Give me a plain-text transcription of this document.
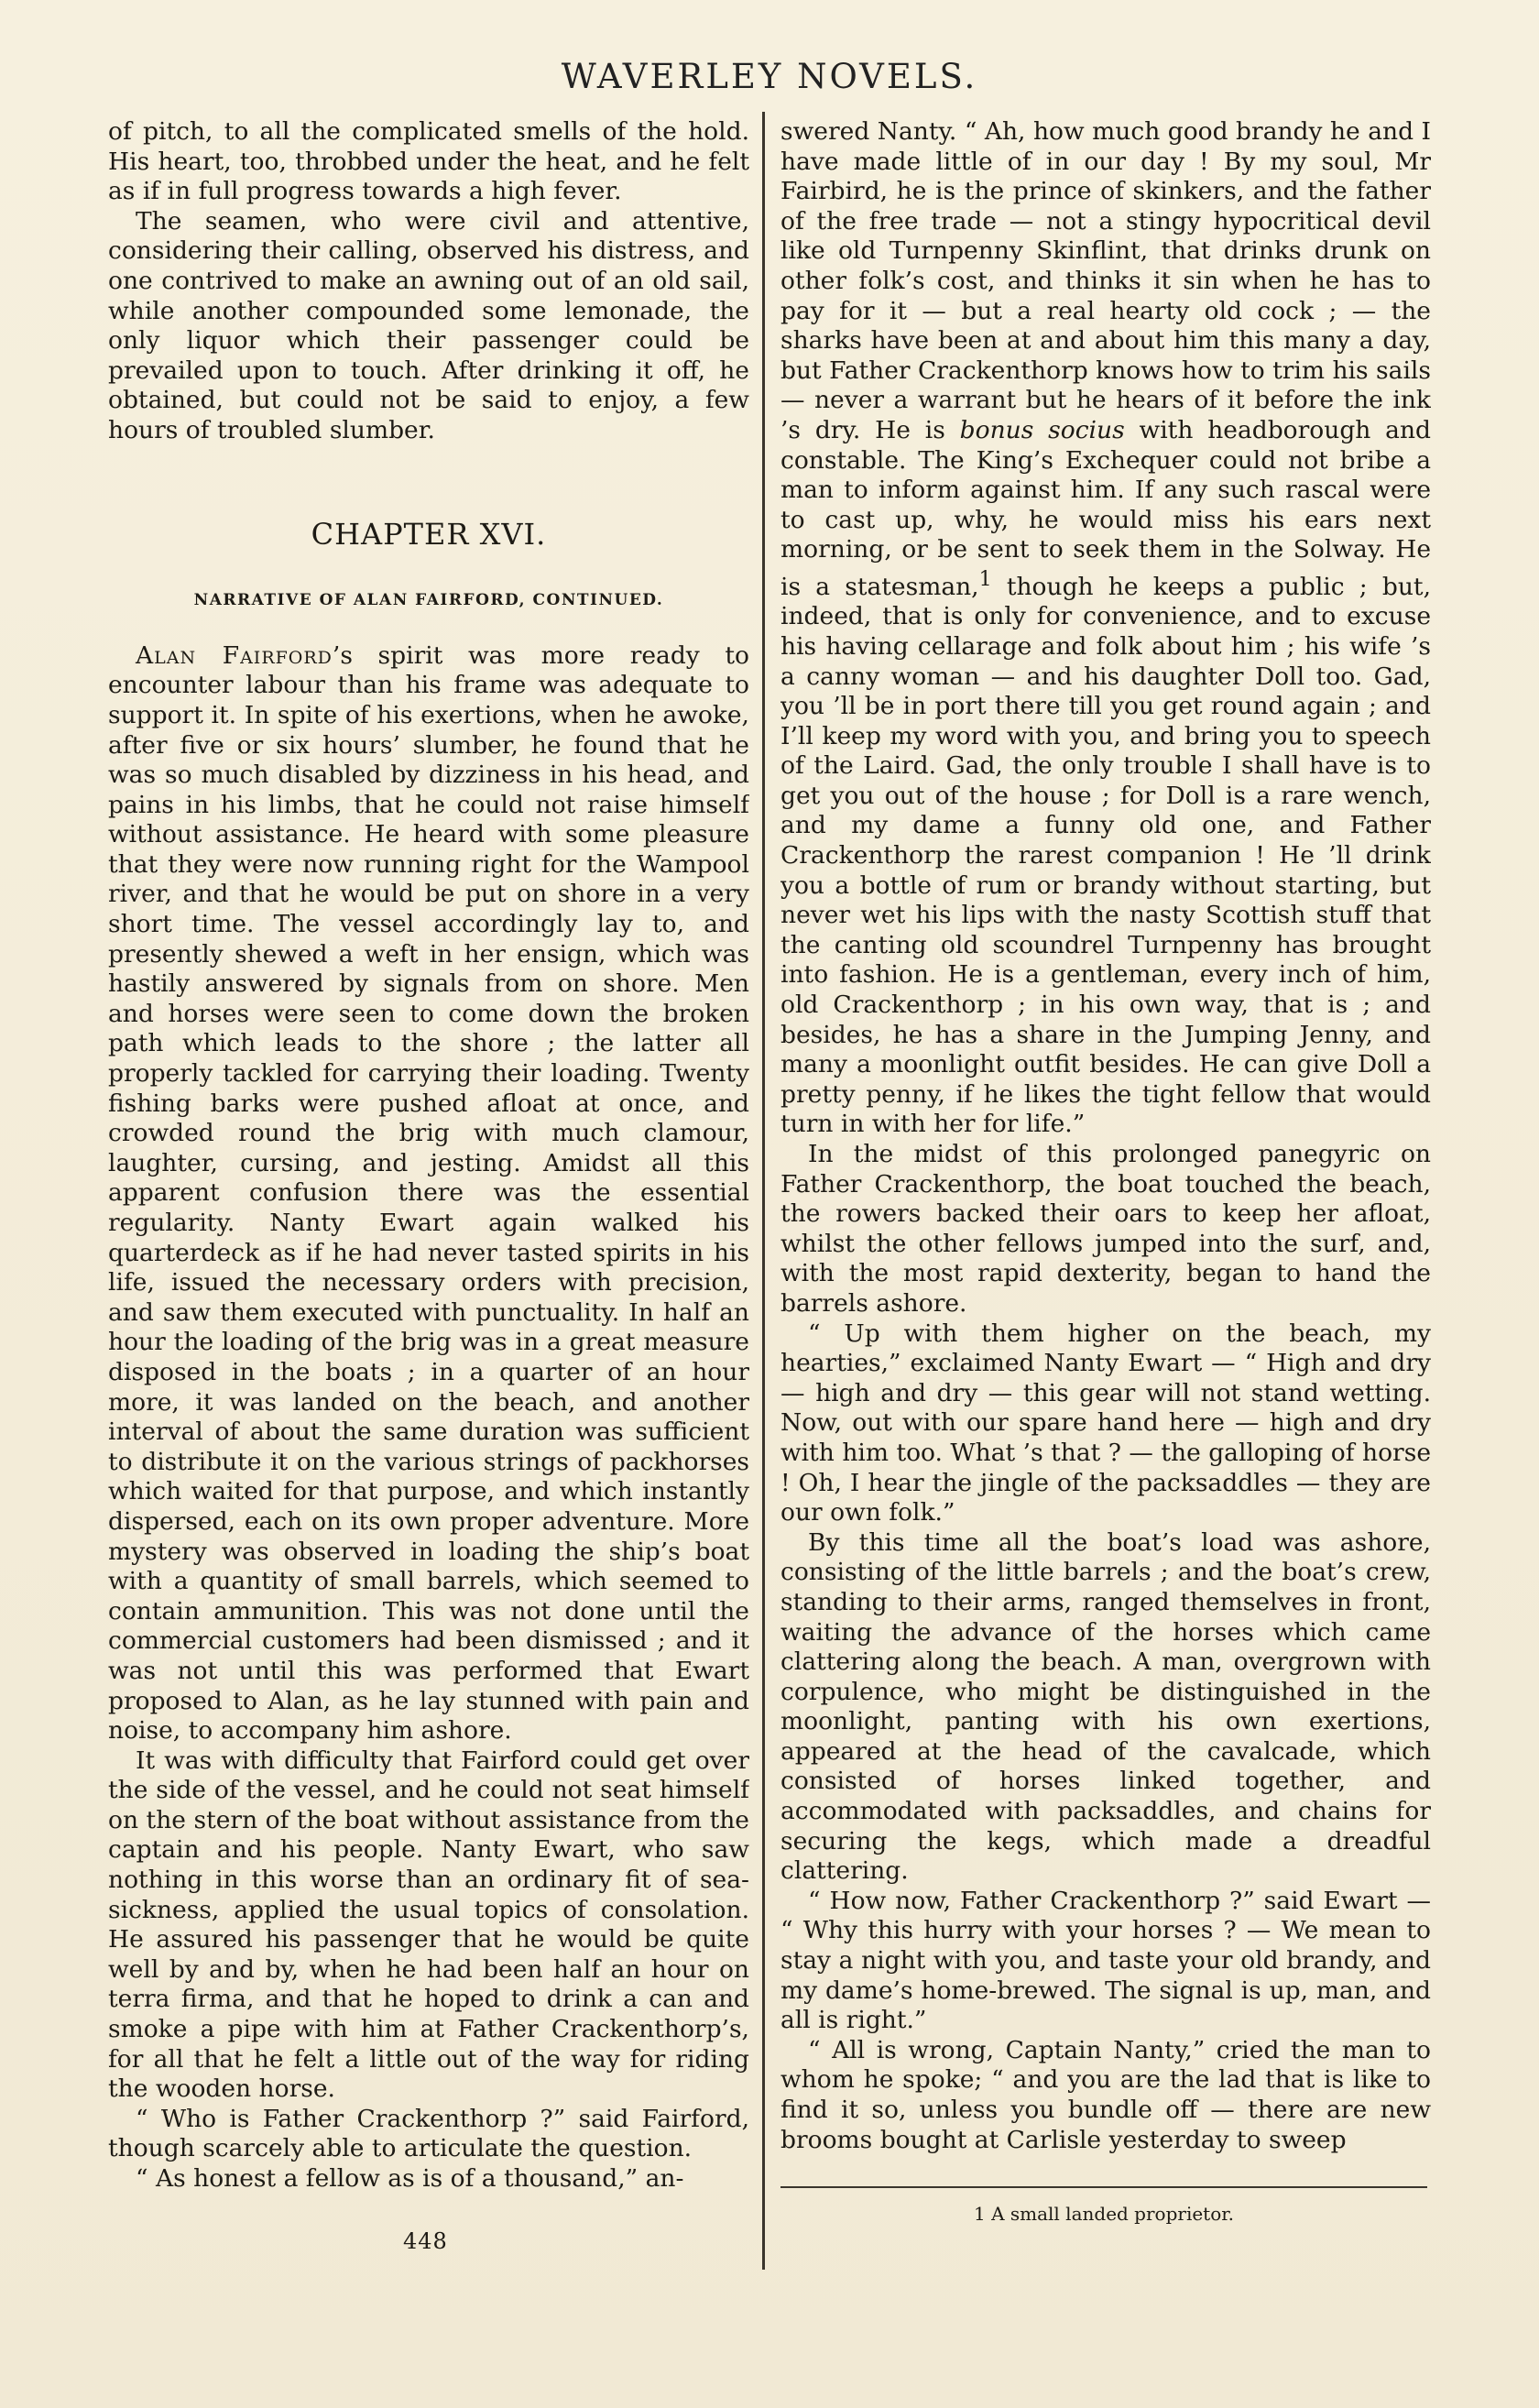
WAVERLEY NOVELS.

of pitch, to all the complicated smells of the hold. His heart, too, throbbed under the heat, and he felt as if in full progress towards a high fever.

The seamen, who were civil and attentive, considering their calling, observed his distress, and one contrived to make an awning out of an old sail, while another compounded some lemonade, the only liquor which their passenger could be prevailed upon to touch. After drinking it off, he obtained, but could not be said to enjoy, a few hours of troubled slumber.

CHAPTER XVI.
NARRATIVE OF ALAN FAIRFORD, CONTINUED.

Alan Fairford’s spirit was more ready to encounter labour than his frame was adequate to support it. In spite of his exertions, when he awoke, after five or six hours’ slumber, he found that he was so much disabled by dizziness in his head, and pains in his limbs, that he could not raise himself without assistance. He heard with some pleasure that they were now running right for the Wampool river, and that he would be put on shore in a very short time. The vessel accordingly lay to, and presently shewed a weft in her ensign, which was hastily answered by signals from on shore. Men and horses were seen to come down the broken path which leads to the shore ; the latter all properly tackled for carrying their loading. Twenty fishing barks were pushed afloat at once, and crowded round the brig with much clamour, laughter, cursing, and jesting. Amidst all this apparent confusion there was the essential regularity. Nanty Ewart again walked his quarterdeck as if he had never tasted spirits in his life, issued the necessary orders with precision, and saw them executed with punctuality. In half an hour the loading of the brig was in a great measure disposed in the boats ; in a quarter of an hour more, it was landed on the beach, and another interval of about the same duration was sufficient to distribute it on the various strings of packhorses which waited for that purpose, and which instantly dispersed, each on its own proper adventure. More mystery was observed in loading the ship’s boat with a quantity of small barrels, which seemed to contain ammunition. This was not done until the commercial customers had been dismissed ; and it was not until this was performed that Ewart proposed to Alan, as he lay stunned with pain and noise, to accompany him ashore.

It was with difficulty that Fairford could get over the side of the vessel, and he could not seat himself on the stern of the boat without assistance from the captain and his people. Nanty Ewart, who saw nothing in this worse than an ordinary fit of sea-sickness, applied the usual topics of consolation. He assured his passenger that he would be quite well by and by, when he had been half an hour on terra firma, and that he hoped to drink a can and smoke a pipe with him at Father Crackenthorp’s, for all that he felt a little out of the way for riding the wooden horse.

“ Who is Father Crackenthorp ?” said Fairford, though scarcely able to articulate the question.

“ As honest a fellow as is of a thousand,” an-

swered Nanty. “ Ah, how much good brandy he and I have made little of in our day ! By my soul, Mr Fairbird, he is the prince of skinkers, and the father of the free trade — not a stingy hypocritical devil like old Turnpenny Skinflint, that drinks drunk on other folk’s cost, and thinks it sin when he has to pay for it — but a real hearty old cock ; — the sharks have been at and about him this many a day, but Father Crackenthorp knows how to trim his sails — never a warrant but he hears of it before the ink ’s dry. He is bonus socius with headborough and constable. The King’s Exchequer could not bribe a man to inform against him. If any such rascal were to cast up, why, he would miss his ears next morning, or be sent to seek them in the Solway. He is a statesman,$^1$ though he keeps a public ; but, indeed, that is only for convenience, and to excuse his having cellarage and folk about him ; his wife ’s a canny woman — and his daughter Doll too. Gad, you ’ll be in port there till you get round again ; and I’ll keep my word with you, and bring you to speech of the Laird. Gad, the only trouble I shall have is to get you out of the house ; for Doll is a rare wench, and my dame a funny old one, and Father Crackenthorp the rarest companion ! He ’ll drink you a bottle of rum or brandy without starting, but never wet his lips with the nasty Scottish stuff that the canting old scoundrel Turnpenny has brought into fashion. He is a gentleman, every inch of him, old Crackenthorp ; in his own way, that is ; and besides, he has a share in the Jumping Jenny, and many a moonlight outfit besides. He can give Doll a pretty penny, if he likes the tight fellow that would turn in with her for life.”

In the midst of this prolonged panegyric on Father Crackenthorp, the boat touched the beach, the rowers backed their oars to keep her afloat, whilst the other fellows jumped into the surf, and, with the most rapid dexterity, began to hand the barrels ashore.

“ Up with them higher on the beach, my hearties,” exclaimed Nanty Ewart — “ High and dry — high and dry — this gear will not stand wetting. Now, out with our spare hand here — high and dry with him too. What ’s that ? — the galloping of horse ! Oh, I hear the jingle of the packsaddles — they are our own folk.”

By this time all the boat’s load was ashore, consisting of the little barrels ; and the boat’s crew, standing to their arms, ranged themselves in front, waiting the advance of the horses which came clattering along the beach. A man, overgrown with corpulence, who might be distinguished in the moonlight, panting with his own exertions, appeared at the head of the cavalcade, which consisted of horses linked together, and accommodated with packsaddles, and chains for securing the kegs, which made a dreadful clattering.

“ How now, Father Crackenthorp ?” said Ewart — “ Why this hurry with your horses ? — We mean to stay a night with you, and taste your old brandy, and my dame’s home-brewed. The signal is up, man, and all is right.”

“ All is wrong, Captain Nanty,” cried the man to whom he spoke; “ and you are the lad that is like to find it so, unless you bundle off — there are new brooms bought at Carlisle yesterday to sweep

1 A small landed proprietor.
448
